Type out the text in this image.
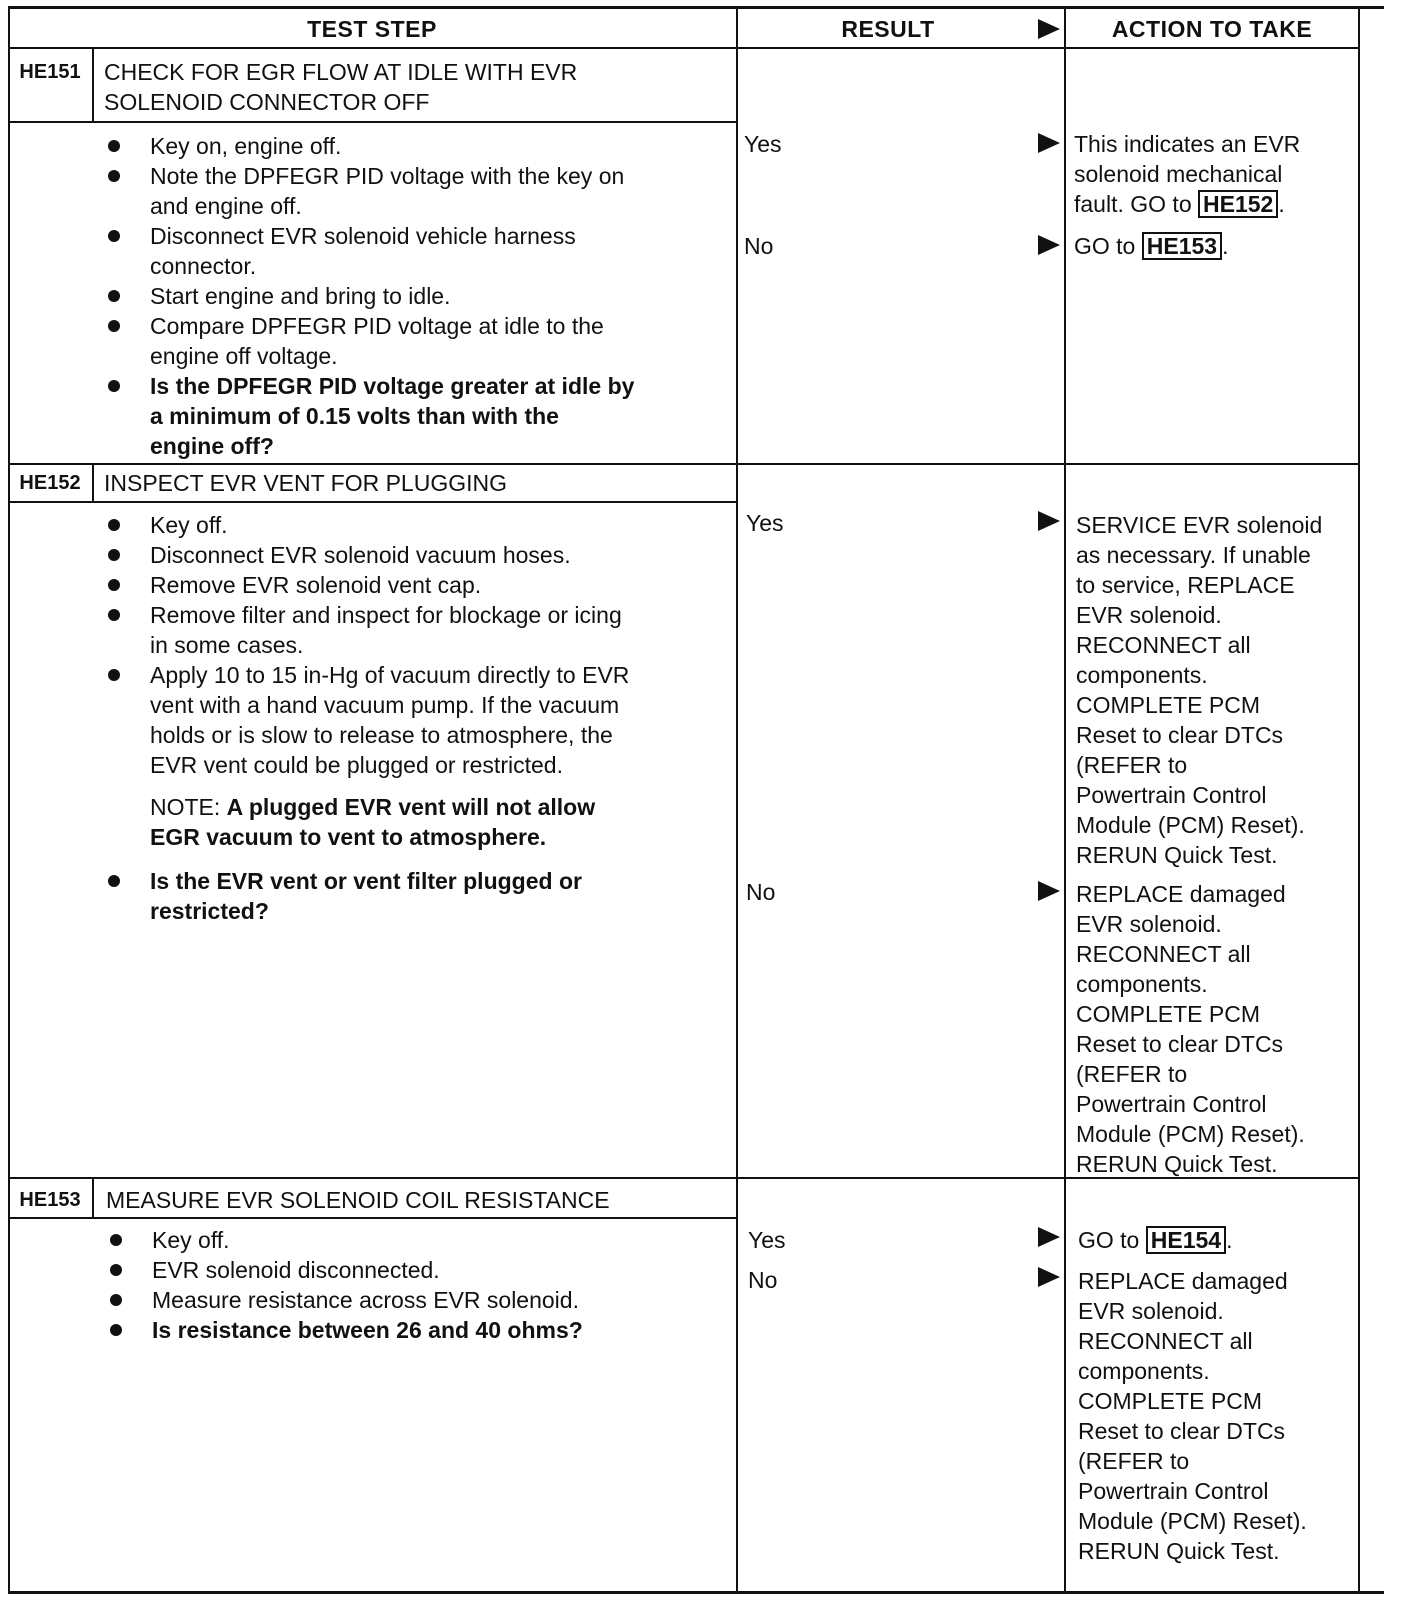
TEST STEP	RESULT	ACTION TO TAKE
HE151	CHECK FOR EGR FLOW AT IDLE WITH EVR
SOLENOID CONNECTOR OFF
Key on, engine off.
Note the DPFEGR PID voltage with the key on
and engine off.
Disconnect EVR solenoid vehicle harness
connector.
Start engine and bring to idle.
Compare DPFEGR PID voltage at idle to the
engine off voltage.
Is the DPFEGR PID voltage greater at idle by
a minimum of 0.15 volts than with the
engine off?
Yes	This indicates an EVR
solenoid mechanical
fault. GO to HE152 .
No	GO to HE153 .
HE152	INSPECT EVR VENT FOR PLUGGING
Key off.
Disconnect EVR solenoid vacuum hoses.
Remove EVR solenoid vent cap.
Remove filter and inspect for blockage or icing
in some cases.
Apply 10 to 15 in-Hg of vacuum directly to EVR
vent with a hand vacuum pump. If the vacuum
holds or is slow to release to atmosphere, the
EVR vent could be plugged or restricted.
NOTE: A plugged EVR vent will not allow
EGR vacuum to vent to atmosphere.
Is the EVR vent or vent filter plugged or
restricted?
Yes	SERVICE EVR solenoid
as necessary. If unable
to service, REPLACE
EVR solenoid.
RECONNECT all
components.
COMPLETE PCM
Reset to clear DTCs
(REFER to
Powertrain Control
Module (PCM) Reset).
RERUN Quick Test.
No	REPLACE damaged
EVR solenoid.
RECONNECT all
components.
COMPLETE PCM
Reset to clear DTCs
(REFER to
Powertrain Control
Module (PCM) Reset).
RERUN Quick Test.
HE153	MEASURE EVR SOLENOID COIL RESISTANCE
Key off.
EVR solenoid disconnected.
Measure resistance across EVR solenoid.
Is resistance between 26 and 40 ohms?
Yes	GO to HE154 .
No	REPLACE damaged
EVR solenoid.
RECONNECT all
components.
COMPLETE PCM
Reset to clear DTCs
(REFER to
Powertrain Control
Module (PCM) Reset).
RERUN Quick Test.
